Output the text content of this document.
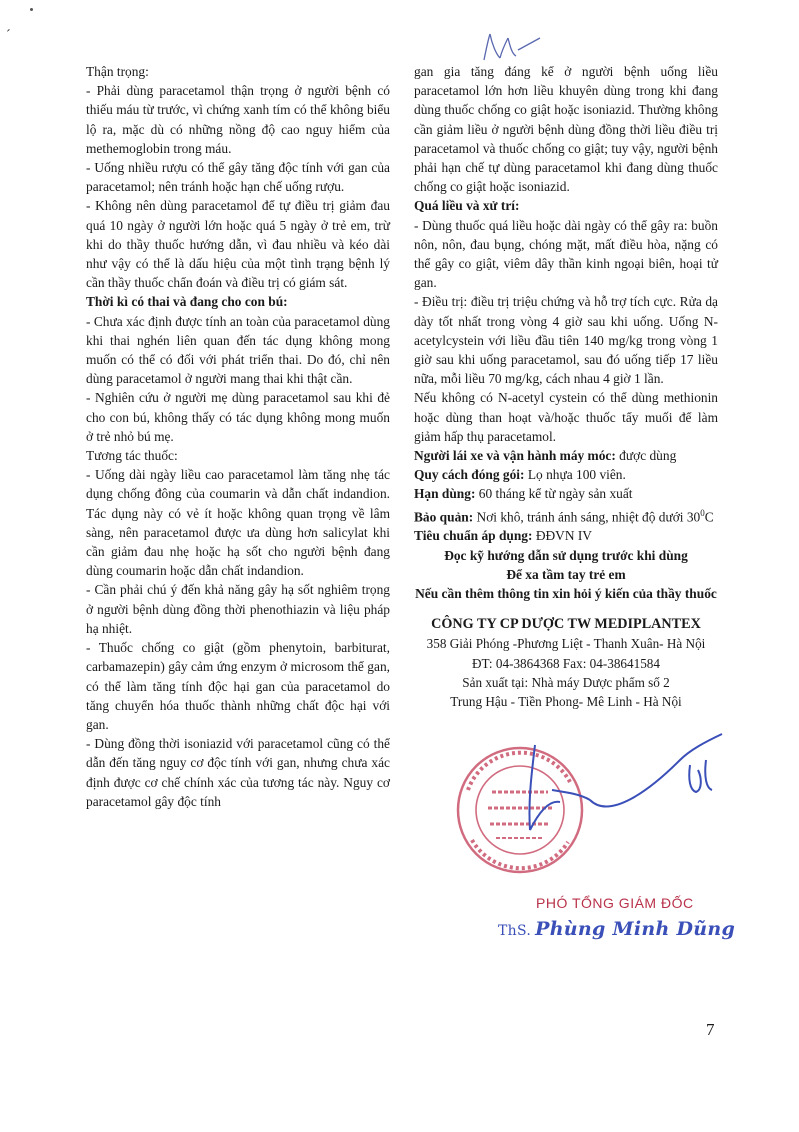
´

Thận trọng:

- Phải dùng paracetamol thận trọng ở người bệnh có thiếu máu từ trước, vì chứng xanh tím có thể không biểu lộ ra, mặc dù có những nồng độ cao nguy hiểm của methemoglobin trong máu.

- Uống nhiều rượu có thể gây tăng độc tính với gan của paracetamol; nên tránh hoặc hạn chế uống rượu.

- Không nên dùng paracetamol để tự điều trị giảm đau quá 10 ngày ở người lớn hoặc quá 5 ngày ở trẻ em, trừ khi do thầy thuốc hướng dẫn, vì đau nhiều và kéo dài như vậy có thể là dấu hiệu của một tình trạng bệnh lý cần thầy thuốc chẩn đoán và điều trị có giám sát.

Thời kì có thai và đang cho con bú:

- Chưa xác định được tính an toàn của paracetamol dùng khi thai nghén liên quan đến tác dụng không mong muốn có thể có đối với phát triển thai. Do đó, chỉ nên dùng paracetamol ở người mang thai khi thật cần.

- Nghiên cứu ở người mẹ dùng paracetamol sau khi đẻ cho con bú, không thấy có tác dụng không mong muốn ở trẻ nhỏ bú mẹ.

Tương tác thuốc:

- Uống dài ngày liều cao paracetamol làm tăng nhẹ tác dụng chống đông của coumarin và dẫn chất indandion. Tác dụng này có vẻ ít hoặc không quan trọng về lâm sàng, nên paracetamol được ưa dùng hơn salicylat khi cần giảm đau nhẹ hoặc hạ sốt cho người bệnh đang dùng coumarin hoặc dẫn chất indandion.

- Cần phải chú ý đến khả năng gây hạ sốt nghiêm trọng ở người bệnh dùng đồng thời phenothiazin và liệu pháp hạ nhiệt.

- Thuốc chống co giật (gồm phenytoin, barbiturat, carbamazepin) gây cảm ứng enzym ở microsom thể gan, có thể làm tăng tính độc hại gan của paracetamol do tăng chuyển hóa thuốc thành những chất độc hại với gan.

- Dùng đồng thời isoniazid với paracetamol cũng có thể dẫn đến tăng nguy cơ độc tính với gan, nhưng chưa xác định được cơ chế chính xác của tương tác này. Nguy cơ paracetamol gây độc tính

gan gia tăng đáng kể ở người bệnh uống liều paracetamol lớn hơn liều khuyên dùng trong khi đang dùng thuốc chống co giật hoặc isoniazid. Thường không cần giảm liều ở người bệnh dùng đồng thời liều điều trị paracetamol và thuốc chống co giật; tuy vậy, người bệnh phải hạn chế tự dùng paracetamol khi đang dùng thuốc chống co giật hoặc isoniazid.

Quá liều và xử trí:

- Dùng thuốc quá liều hoặc dài ngày có thể gây ra: buồn nôn, nôn, đau bụng, chóng mặt, mất điều hòa, nặng có thể gây co giật, viêm dây thần kinh ngoại biên, hoại tử gan.

- Điều trị: điều trị triệu chứng và hỗ trợ tích cực. Rửa dạ dày tốt nhất trong vòng 4 giờ sau khi uống. Uống N-acetylcystein với liều đầu tiên 140 mg/kg trong vòng 1 giờ sau khi uống paracetamol, sau đó uống tiếp 17 liều nữa, mỗi liều 70 mg/kg, cách nhau 4 giờ 1 lần.

Nếu không có N-acetyl cystein có thể dùng methionin hoặc dùng than hoạt và/hoặc thuốc tẩy muối để làm giảm hấp thụ paracetamol.

Người lái xe và vận hành máy móc: được dùng

Quy cách đóng gói: Lọ nhựa 100 viên.

Hạn dùng: 60 tháng kể từ ngày sản xuất

Bảo quản: Nơi khô, tránh ánh sáng, nhiệt độ dưới $30^0C$

Tiêu chuẩn áp dụng: ĐĐVN IV

Đọc kỹ hướng dẫn sử dụng trước khi dùng

Để xa tầm tay trẻ em

Nếu cần thêm thông tin xin hỏi ý kiến của thầy thuốc

CÔNG TY CP DƯỢC TW MEDIPLANTEX

358 Giải Phóng -Phương Liệt - Thanh Xuân- Hà Nội

ĐT: 04-3864368 Fax: 04-38641584

Sản xuất tại: Nhà máy Dược phẩm số 2

Trung Hậu - Tiền Phong- Mê Linh - Hà Nội

PHÓ TỔNG GIÁM ĐỐC
ThS. Phùng Minh Dũng
7
